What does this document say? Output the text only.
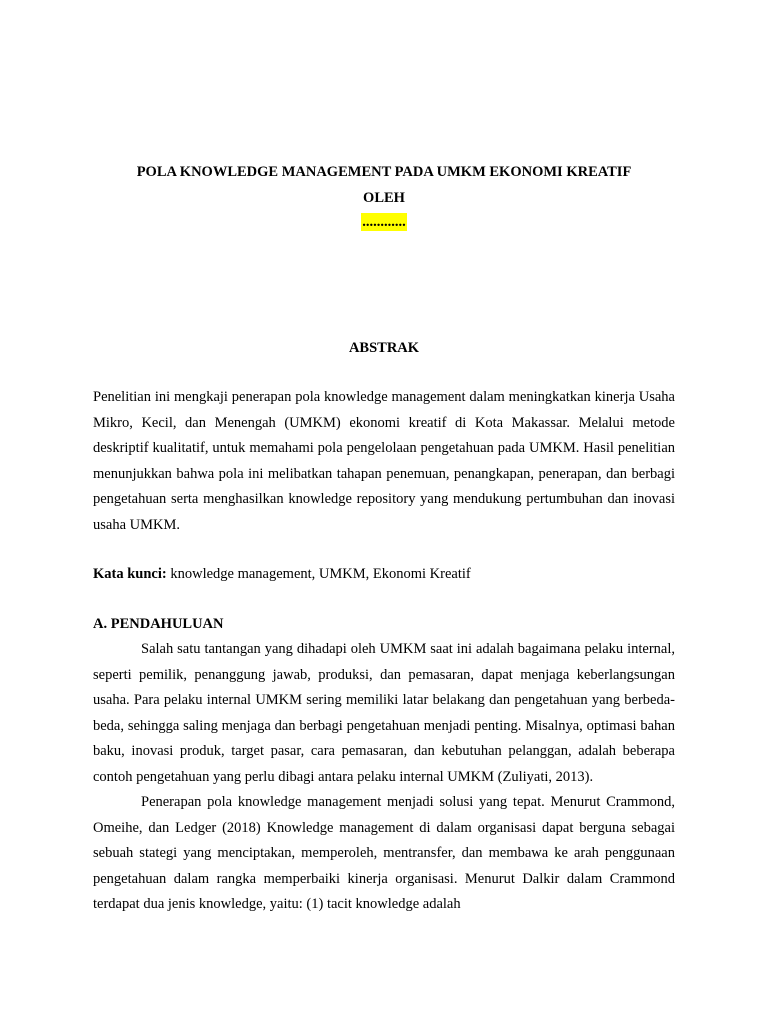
POLA KNOWLEDGE MANAGEMENT PADA UMKM EKONOMI KREATIF
OLEH
............
ABSTRAK

Penelitian ini mengkaji penerapan pola knowledge management dalam meningkatkan kinerja Usaha Mikro, Kecil, dan Menengah (UMKM) ekonomi kreatif di Kota Makassar. Melalui metode deskriptif kualitatif, untuk memahami pola pengelolaan pengetahuan pada UMKM. Hasil penelitian menunjukkan bahwa pola ini melibatkan tahapan penemuan, penangkapan, penerapan, dan berbagi pengetahuan serta menghasilkan knowledge repository yang mendukung pertumbuhan dan inovasi usaha UMKM.

Kata kunci: knowledge management, UMKM, Ekonomi Kreatif

A. PENDAHULUAN

Salah satu tantangan yang dihadapi oleh UMKM saat ini adalah bagaimana pelaku internal, seperti pemilik, penanggung jawab, produksi, dan pemasaran, dapat menjaga keberlangsungan usaha. Para pelaku internal UMKM sering memiliki latar belakang dan pengetahuan yang berbeda-beda, sehingga saling menjaga dan berbagi pengetahuan menjadi penting. Misalnya, optimasi bahan baku, inovasi produk, target pasar, cara pemasaran, dan kebutuhan pelanggan, adalah beberapa contoh pengetahuan yang perlu dibagi antara pelaku internal UMKM (Zuliyati, 2013).

Penerapan pola knowledge management menjadi solusi yang tepat. Menurut Crammond, Omeihe, dan Ledger (2018) Knowledge management di dalam organisasi dapat berguna sebagai sebuah stategi yang menciptakan, memperoleh, mentransfer, dan membawa ke arah penggunaan pengetahuan dalam rangka memperbaiki kinerja organisasi. Menurut Dalkir dalam Crammond terdapat dua jenis knowledge, yaitu: (1) tacit knowledge adalah
